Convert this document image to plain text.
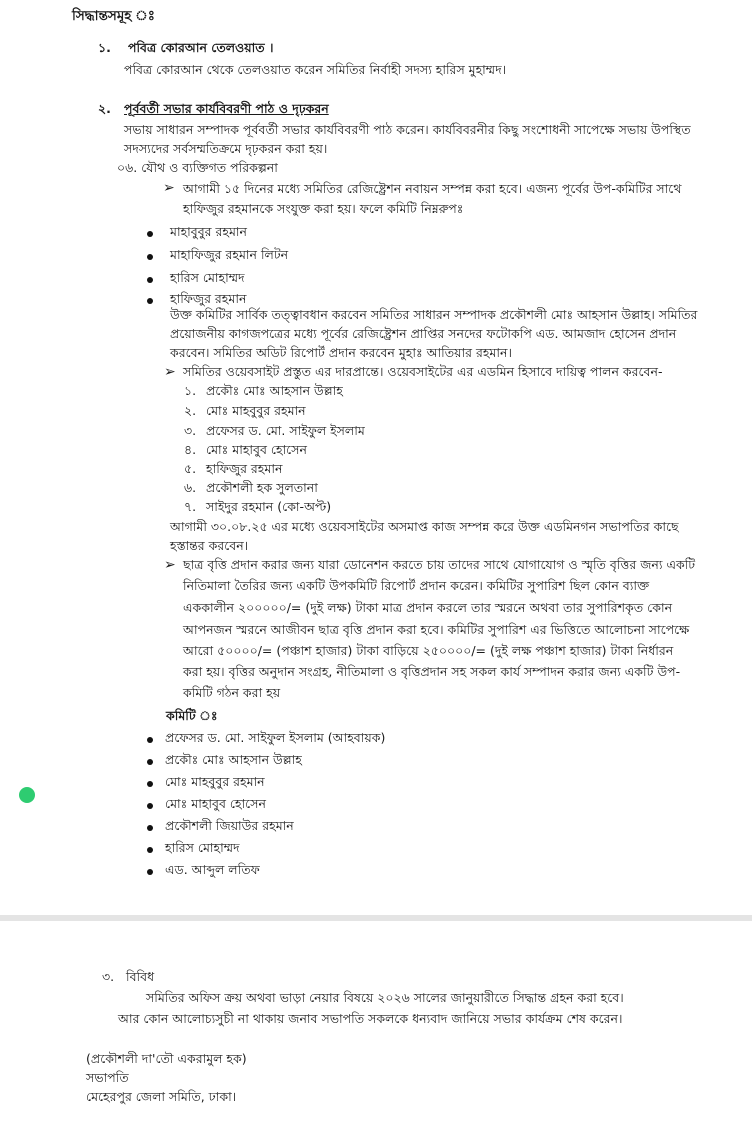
সিদ্ধান্তসমূহ ঃ
১. পবিত্র কোরআন তেলওয়াত ।
পবিত্র কোরআন থেকে তেলওয়াত করেন সমিতির নির্বাহী সদস্য হারিস মুহাম্মদ।
২. পূর্ববর্তী সভার কার্যবিবরণী পাঠ ও দৃঢ়করন
সভায় সাধারন সম্পাদক পূর্ববর্তী সভার কার্যবিবরণী পাঠ করেন। কার্যবিবরনীর কিছু সংশোধনী সাপেক্ষে সভায় উপস্থিত
সদস্যদের সর্বসম্মতিক্রমে দৃঢ়করন করা হয়।
০৬. যৌথ ও ব্যক্তিগত পরিকল্পনা
➢ আগামী ১৫ দিনের মধ্যে সমিতির রেজিষ্ট্রেশন নবায়ন সম্পন্ন করা হবে। এজন্য পূর্বের উপ-কমিটির সাথে
হাফিজুর রহমানকে সংযুক্ত করা হয়। ফলে কমিটি নিম্নরুপঃ
মাহাবুবুর রহমান
মাহাফিজুর রহমান লিটন
হারিস মোহাম্মদ
হাফিজুর রহমান
উক্ত কমিটির সার্বিক তত্ত্বাবধান করবেন সমিতির সাধারন সম্পাদক প্রকৌশলী মোঃ আহসান উল্লাহ। সমিতির
প্রয়োজনীয় কাগজপত্রের মধ্যে পূর্বের রেজিষ্ট্রেশন প্রাপ্তির সনদের ফটোকপি এড. আমজাদ হোসেন প্রদান
করবেন। সমিতির অডিট রিপোর্ট প্রদান করবেন মুহাঃ আতিয়ার রহমান।
➢ সমিতির ওয়েবসাইট প্রস্তুত এর দারপ্রান্তে। ওয়েবসাইটের এর এডমিন হিসাবে দায়িত্ব পালন করবেন-
১. প্রকৌঃ মোঃ আহসান উল্লাহ
২. মোঃ মাহবুবুর রহমান
৩. প্রফেসর ড. মো. সাইফুল ইসলাম
৪. মোঃ মাহাবুব হোসেন
৫. হাফিজুর রহমান
৬. প্রকৌশলী হক সুলতানা
৭. সাইদুর রহমান (কো-অপ্ট)
আগামী ৩০.০৮.২৫ এর মধ্যে ওয়েবসাইটের অসমাপ্ত কাজ সম্পন্ন করে উক্ত এডমিনগন সভাপতির কাছে
হস্তান্তর করবেন।
➢ ছাত্র বৃত্তি প্রদান করার জন্য যারা ডোনেশন করতে চায় তাদের সাথে যোগাযোগ ও স্মৃতি বৃত্তির জন্য একটি
নিতিমালা তৈরির জন্য একটি উপকমিটি রিপোর্ট প্রদান করেন। কমিটির সুপারিশ ছিল কোন ব্যাক্ত
এককালীন ২০০০০০/= (দুই লক্ষ) টাকা মাত্র প্রদান করলে তার স্মরনে অথবা তার সুপারিশকৃত কোন
আপনজন স্মরনে আজীবন ছাত্র বৃত্তি প্রদান করা হবে। কমিটির সুপারিশ এর ভিত্তিতে আলোচনা সাপেক্ষে
আরো ৫০০০০/= (পঞ্চাশ হাজার) টাকা বাড়িয়ে ২৫০০০০/= (দুই লক্ষ পঞ্চাশ হাজার) টাকা নির্ধারন
করা হয়। বৃত্তির অনুদান সংগ্রহ, নীতিমালা ও বৃত্তিপ্রদান সহ সকল কার্য সম্পাদন করার জন্য একটি উপ-
কমিটি গঠন করা হয়
কমিটি ঃ
প্রফেসর ড. মো. সাইফুল ইসলাম (আহবায়ক)
প্রকৌঃ মোঃ আহসান উল্লাহ
মোঃ মাহবুবুর রহমান
মোঃ মাহাবুব হোসেন
প্রকৌশলী জিয়াউর রহমান
হারিস মোহাম্মদ
এড. আব্দুল লতিফ
৩. বিবিধ
সমিতির অফিস ক্রয় অথবা ভাড়া নেয়ার বিষয়ে ২০২৬ সালের জানুয়ারীতে সিদ্ধান্ত গ্রহন করা হবে।
আর কোন আলোচ্যসুচী না থাকায় জনাব সভাপতি সকলকে ধন্যবাদ জানিয়ে সভার কার্যক্রম শেষ করেন।
(প্রকৌশলী দা'তৌ একরামুল হক)
সভাপতি
মেহেরপুর জেলা সমিতি, ঢাকা।
